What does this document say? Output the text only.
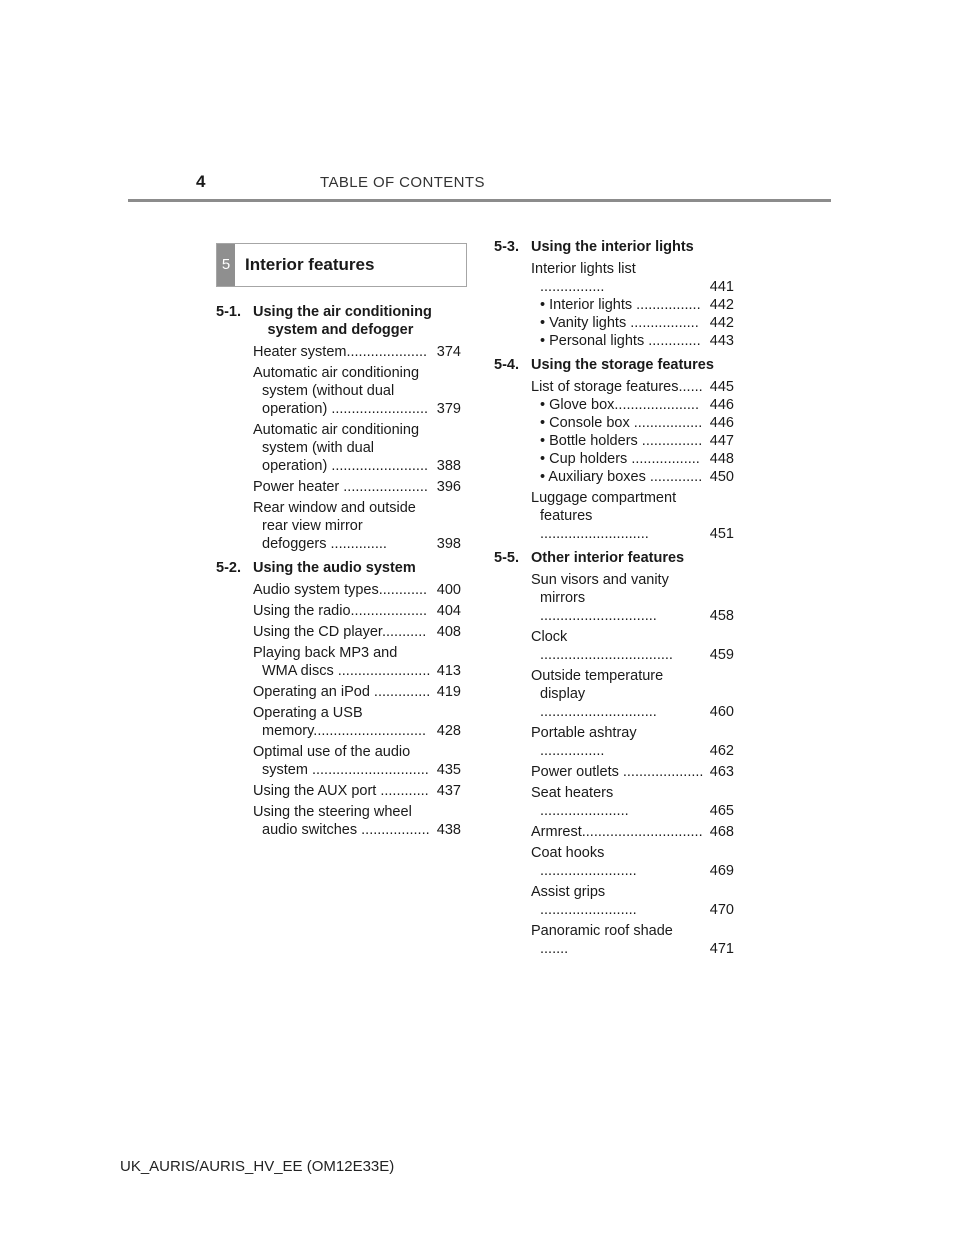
4	TABLE OF CONTENTS
5 Interior features
5-1. Using the air conditioning system and defogger
Heater system.................... 374
Automatic air conditioning system (without dual operation) ........................ 379
Automatic air conditioning system (with dual operation) ........................ 388
Power heater ..................... 396
Rear window and outside rear view mirror defoggers ..............	398
5-2. Using the audio system
Audio system types............ 400
Using the radio................... 404
Using the CD player........... 408
Playing back MP3 and WMA discs ....................... 413
Operating an iPod .............. 419
Operating a USB memory............................ 428
Optimal use of the audio system ............................. 435
Using the AUX port ............ 437
Using the steering wheel audio switches ................. 438
5-3. Using the interior lights
Interior lights list ................	441
• Interior lights ................ 442
• Vanity lights ................. 442
• Personal lights ............. 443
5-4. Using the storage features
List of storage features...... 445
• Glove box..................... 446
• Console box ................. 446
• Bottle holders ............... 447
• Cup holders ................. 448
• Auxiliary boxes ............. 450
Luggage compartment features ...........................	451
5-5. Other interior features
Sun visors and vanity mirrors .............................	458
Clock .................................	459
Outside temperature display .............................	460
Portable ashtray ................	462
Power outlets .................... 463
Seat heaters ......................	465
Armrest.............................. 468
Coat hooks ........................	469
Assist grips ........................	470
Panoramic roof shade .......	471
UK_AURIS/AURIS_HV_EE (OM12E33E)
